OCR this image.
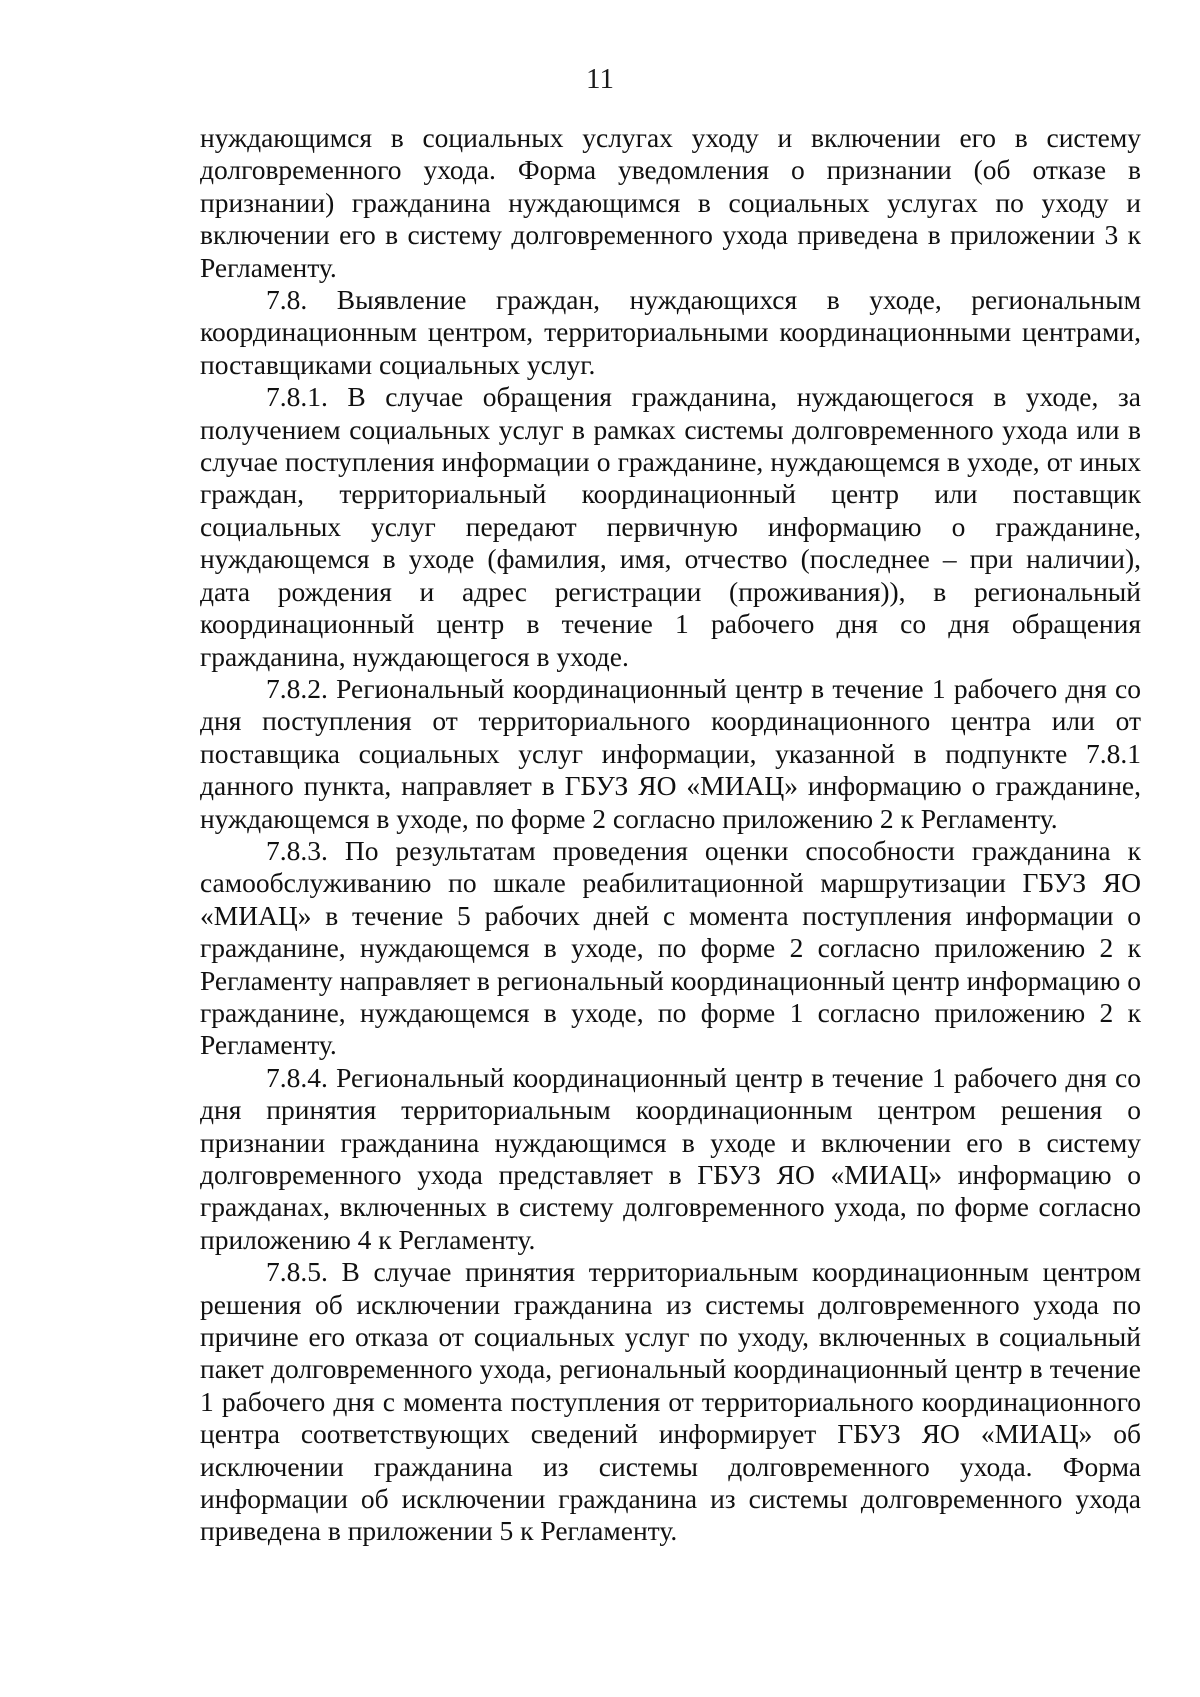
11

нуждающимся в социальных услугах уходу и включении его в систему долговременного ухода. Форма уведомления о признании (об отказе в признании) гражданина нуждающимся в социальных услугах по уходу и включении его в систему долговременного ухода приведена в приложении 3 к Регламенту.

7.8. Выявление граждан, нуждающихся в уходе, региональным координационным центром, территориальными координационными центрами, поставщиками социальных услуг.

7.8.1. В случае обращения гражданина, нуждающегося в уходе, за получением социальных услуг в рамках системы долговременного ухода или в случае поступления информации о гражданине, нуждающемся в уходе, от иных граждан, территориальный координационный центр или поставщик социальных услуг передают первичную информацию о гражданине, нуждающемся в уходе (фамилия, имя, отчество (последнее – при наличии), дата рождения и адрес регистрации (проживания)), в региональный координационный центр в течение 1 рабочего дня со дня обращения гражданина, нуждающегося в уходе.

7.8.2. Региональный координационный центр в течение 1 рабочего дня со дня поступления от территориального координационного центра или от поставщика социальных услуг информации, указанной в подпункте 7.8.1 данного пункта, направляет в ГБУЗ ЯО «МИАЦ» информацию о гражданине, нуждающемся в уходе, по форме 2 согласно приложению 2 к Регламенту.

7.8.3. По результатам проведения оценки способности гражданина к самообслуживанию по шкале реабилитационной маршрутизации ГБУЗ ЯО «МИАЦ» в течение 5 рабочих дней с момента поступления информации о гражданине, нуждающемся в уходе, по форме 2 согласно приложению 2 к Регламенту направляет в региональный координационный центр информацию о гражданине, нуждающемся в уходе, по форме 1 согласно приложению 2 к Регламенту.

7.8.4. Региональный координационный центр в течение 1 рабочего дня со дня принятия территориальным координационным центром решения о признании гражданина нуждающимся в уходе и включении его в систему долговременного ухода представляет в ГБУЗ ЯО «МИАЦ» информацию о гражданах, включенных в систему долговременного ухода, по форме согласно приложению 4 к Регламенту.

7.8.5. В случае принятия территориальным координационным центром решения об исключении гражданина из системы долговременного ухода по причине его отказа от социальных услуг по уходу, включенных в социальный пакет долговременного ухода, региональный координационный центр в течение 1 рабочего дня с момента поступления от территориального координационного центра соответствующих сведений информирует ГБУЗ ЯО «МИАЦ» об исключении гражданина из системы долговременного ухода. Форма информации об исключении гражданина из системы долговременного ухода приведена в приложении 5 к Регламенту.
